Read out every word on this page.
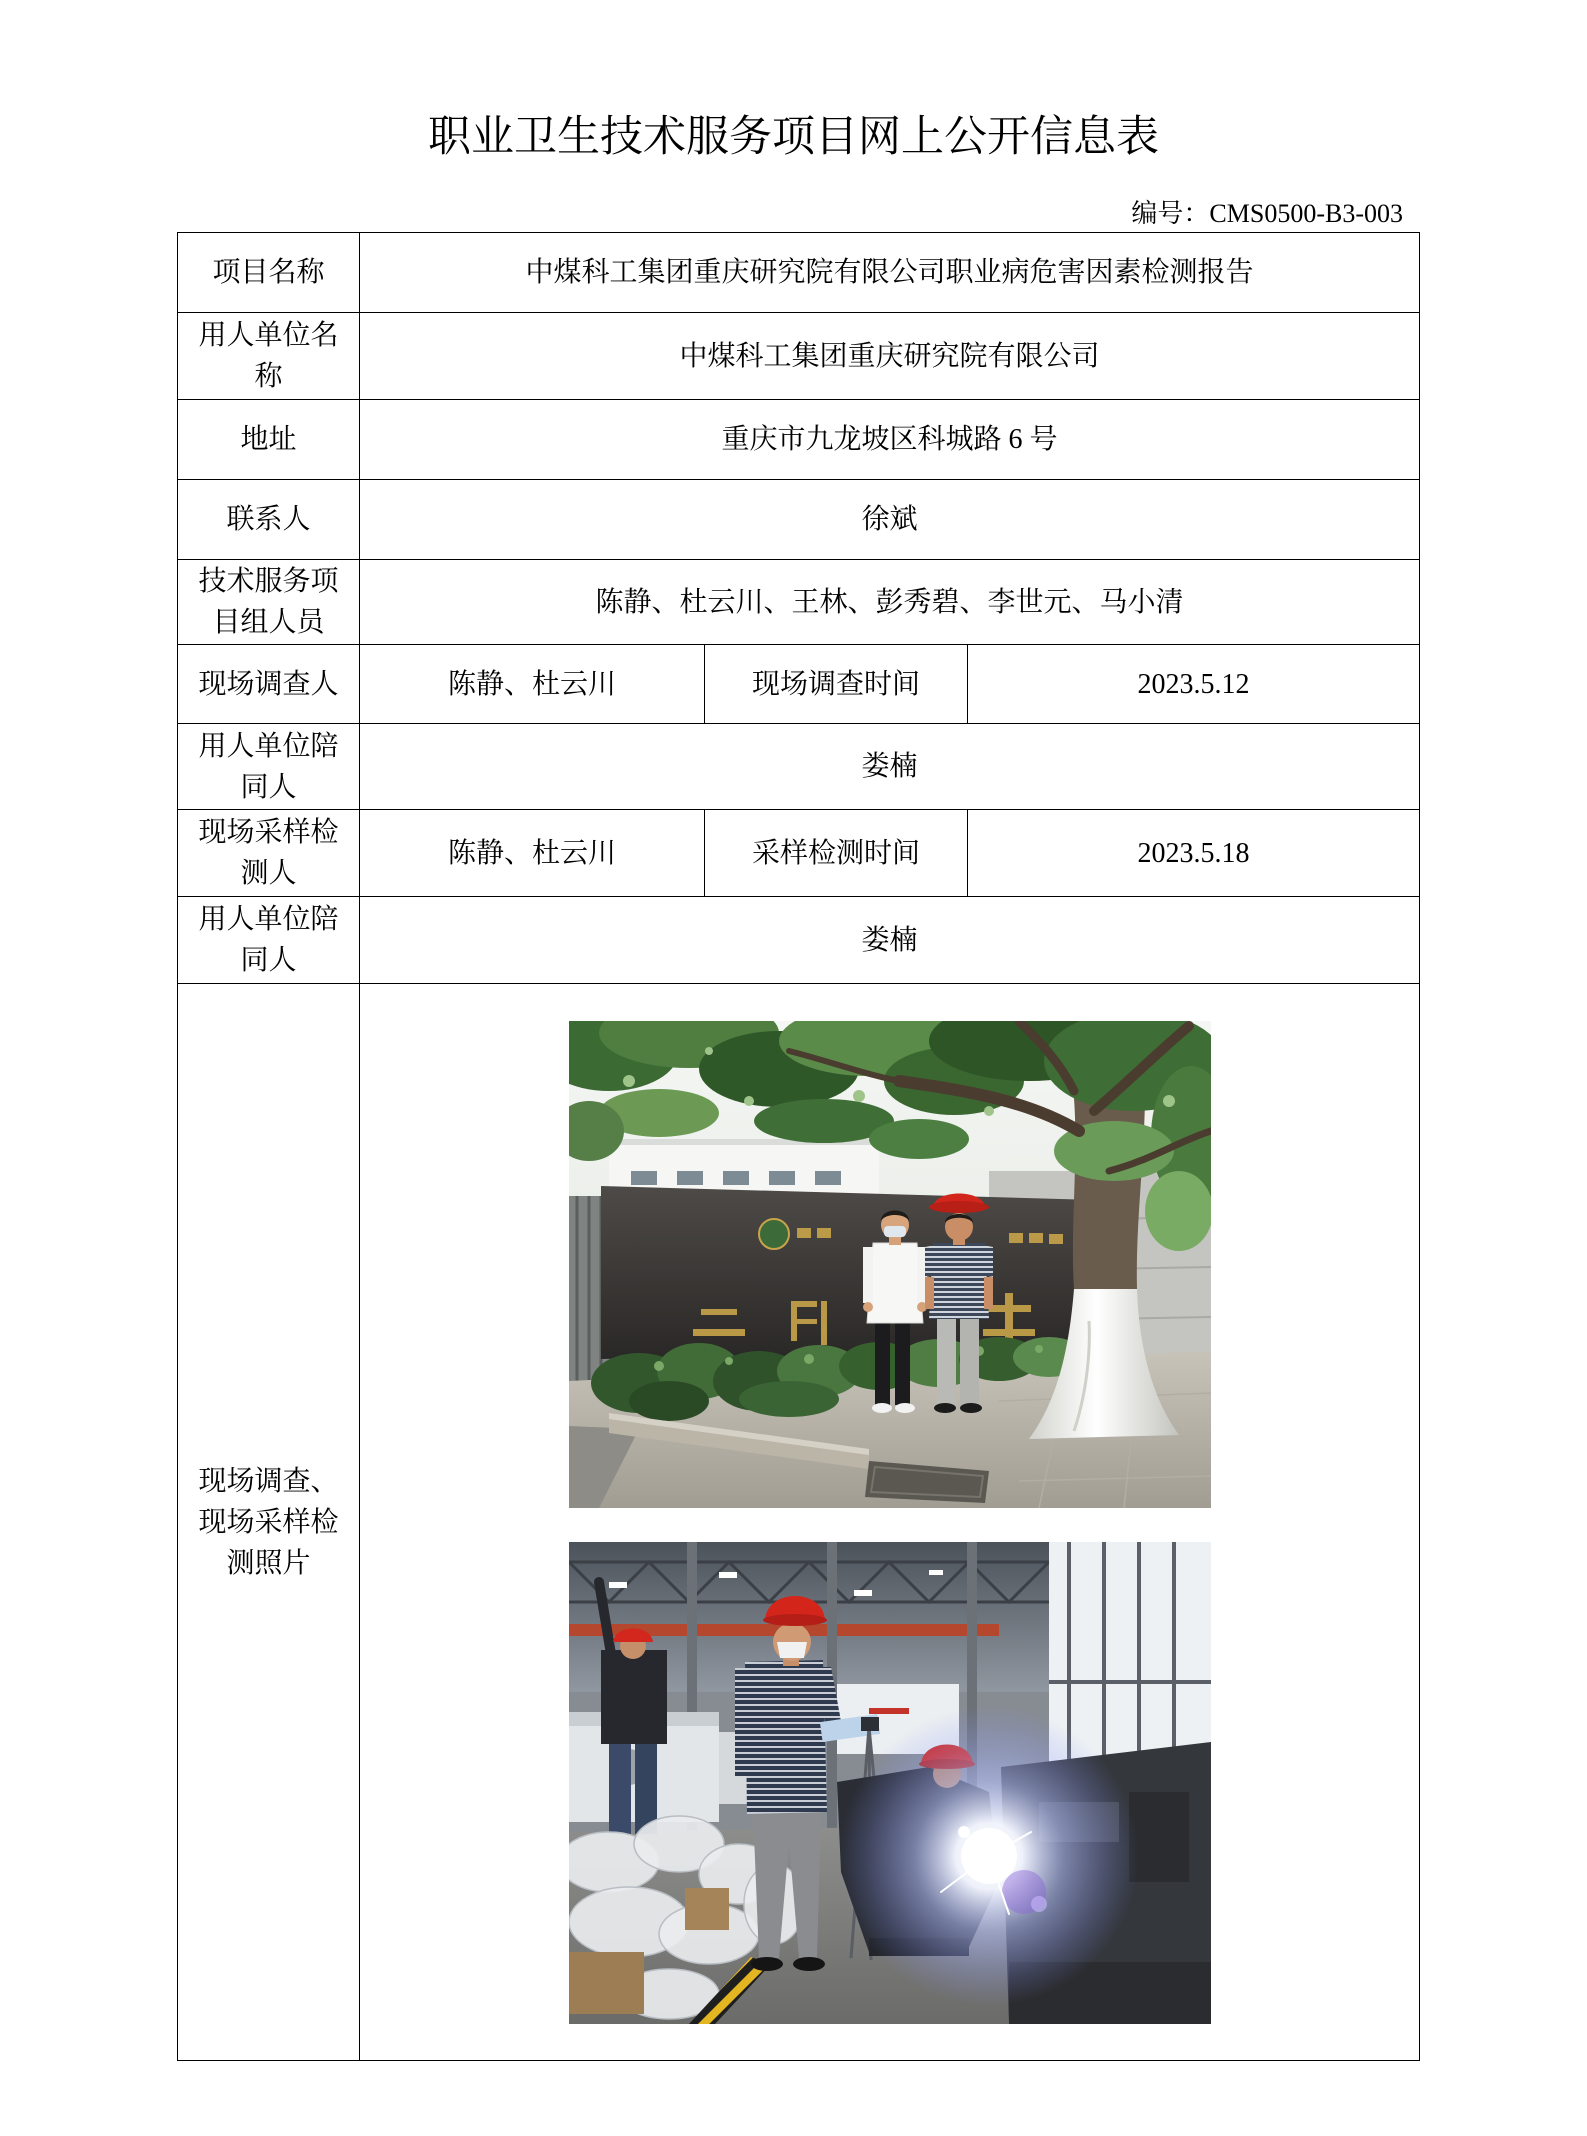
职业卫生技术服务项目网上公开信息表
编号：CMS0500-B3-003
项目名称	中煤科工集团重庆研究院有限公司职业病危害因素检测报告		
用人单位名称	中煤科工集团重庆研究院有限公司		
地址	重庆市九龙坡区科城路 6 号		
联系人	徐斌		
技术服务项目组人员	陈静、杜云川、王林、彭秀碧、李世元、马小清		
现场调查人	陈静、杜云川	现场调查时间	2023.5.12
用人单位陪同人	娄楠		
现场采样检测人	陈静、杜云川	采样检测时间	2023.5.18
用人单位陪同人	娄楠		
现场调查、现场采样检测照片	
